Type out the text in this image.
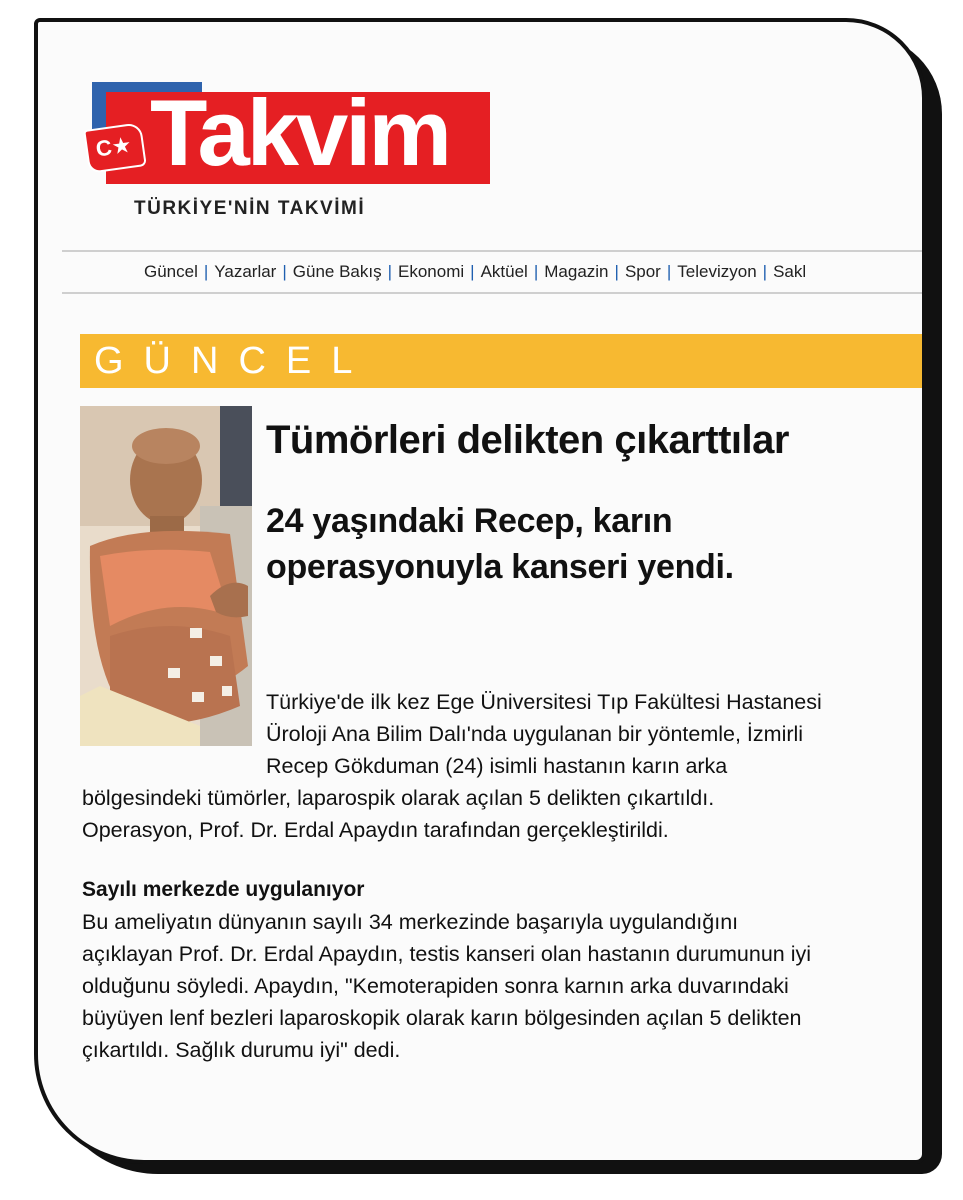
Takvim
C★
TÜRKİYE'NİN TAKVİMİ
Güncel | Yazarlar | Güne Bakış | Ekonomi | Aktüel | Magazin | Spor | Televizyon | Sakl
GÜNCEL
Tümörleri delikten çıkarttılar
24 yaşındaki Recep, karın
operasyonuyla kanseri yendi.
Türkiye'de ilk kez Ege Üniversitesi Tıp Fakültesi Hastanesi
Üroloji Ana Bilim Dalı'nda uygulanan bir yöntemle, İzmirli
Recep Gökduman (24) isimli hastanın karın arka
bölgesindeki tümörler, laparospik olarak açılan 5 delikten çıkartıldı.
Operasyon, Prof. Dr. Erdal Apaydın tarafından gerçekleştirildi.
Sayılı merkezde uygulanıyor
Bu ameliyatın dünyanın sayılı 34 merkezinde başarıyla uygulandığını
açıklayan Prof. Dr. Erdal Apaydın, testis kanseri olan hastanın durumunun iyi
olduğunu söyledi. Apaydın, "Kemoterapiden sonra karnın arka duvarındaki
büyüyen lenf bezleri laparoskopik olarak karın bölgesinden açılan 5 delikten
çıkartıldı. Sağlık durumu iyi" dedi.
